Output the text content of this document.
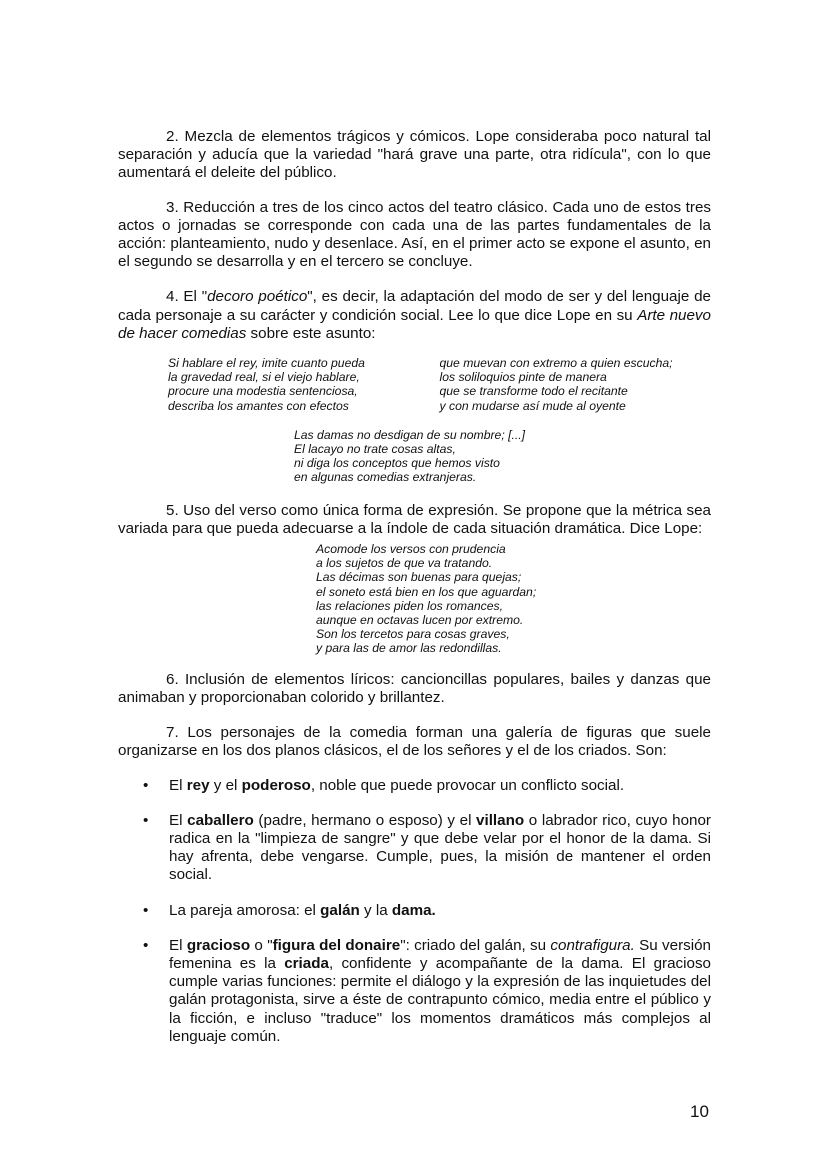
2. Mezcla de elementos trágicos y cómicos. Lope consideraba poco natural tal separación y aducía que la variedad "hará grave una parte, otra ridícula", con lo que aumentará el deleite del público.

3. Reducción a tres de los cinco actos del teatro clásico. Cada uno de estos tres actos o jornadas se corresponde con cada una de las partes fundamentales de la acción: planteamiento, nudo y desenlace. Así, en el primer acto se expone el asunto, en el segundo se desarrolla y en el tercero se concluye.

4. El "decoro poético", es decir, la adaptación del modo de ser y del lenguaje de cada personaje a su carácter y condición social. Lee lo que dice Lope en su Arte nuevo de hacer comedias sobre este asunto:

Si hablare el rey, imite cuanto pueda
la gravedad real, si el viejo hablare,
procure una modestia sentenciosa,
describa los amantes con efectos
que muevan con extremo a quien escucha;
los soliloquios pinte de manera
que se transforme todo el recitante
y con mudarse así mude al oyente
Las damas no desdigan de su nombre; [...]
El lacayo no trate cosas altas,
ni diga los conceptos que hemos visto
en algunas comedias extranjeras.

5. Uso del verso como única forma de expresión. Se propone que la métrica sea variada para que pueda adecuarse a la índole de cada situación dramática. Dice Lope:

Acomode los versos con prudencia
a los sujetos de que va tratando.
Las décimas son buenas para quejas;
el soneto está bien en los que aguardan;
las relaciones piden los romances,
aunque en octavas lucen por extremo.
Son los tercetos para cosas graves,
y para las de amor las redondillas.

6. Inclusión de elementos líricos: cancioncillas populares, bailes y danzas que animaban y proporcionaban colorido y brillantez.

7. Los personajes de la comedia forman una galería de figuras que suele organizarse en los dos planos clásicos, el de los señores y el de los criados. Son:

• El rey y el poderoso, noble que puede provocar un conflicto social.
• El caballero (padre, hermano o esposo) y el villano o labrador rico, cuyo honor radica en la "limpieza de sangre" y que debe velar por el honor de la dama. Si hay afrenta, debe vengarse. Cumple, pues, la misión de mantener el orden social.
• La pareja amorosa: el galán y la dama.
• El gracioso o "figura del donaire": criado del galán, su contrafigura. Su versión femenina es la criada, confidente y acompañante de la dama. El gracioso cumple varias funciones: permite el diálogo y la expresión de las inquietudes del galán protagonista, sirve a éste de contrapunto cómico, media entre el público y la ficción, e incluso "traduce" los momentos dramáticos más complejos al lenguaje común.
10
